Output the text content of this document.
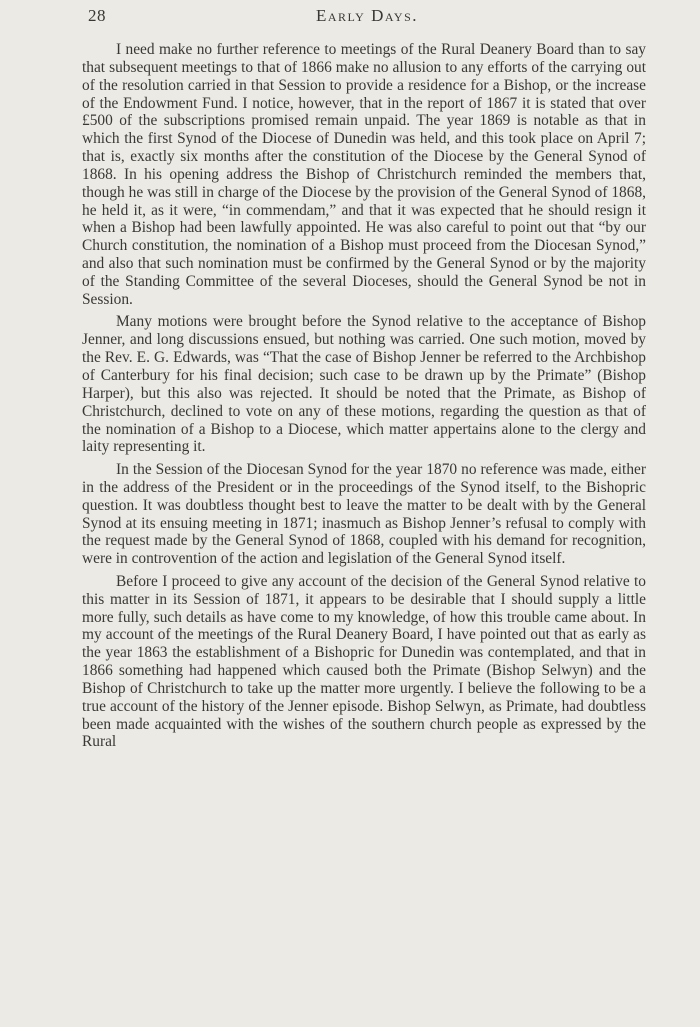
28	Early Days.

I need make no further reference to meetings of the Rural Deanery Board than to say that subsequent meetings to that of 1866 make no allusion to any efforts of the carrying out of the resolution carried in that Session to provide a residence for a Bishop, or the increase of the Endowment Fund. I notice, however, that in the report of 1867 it is stated that over £500 of the subscriptions promised remain unpaid. The year 1869 is notable as that in which the first Synod of the Diocese of Dunedin was held, and this took place on April 7; that is, exactly six months after the constitution of the Diocese by the General Synod of 1868. In his opening address the Bishop of Christchurch reminded the members that, though he was still in charge of the Diocese by the provision of the General Synod of 1868, he held it, as it were, “in commendam,” and that it was expected that he should resign it when a Bishop had been lawfully appointed. He was also careful to point out that “by our Church constitution, the nomination of a Bishop must proceed from the Diocesan Synod,” and also that such nomination must be confirmed by the General Synod or by the majority of the Standing Committee of the several Dioceses, should the General Synod be not in Session.

Many motions were brought before the Synod relative to the acceptance of Bishop Jenner, and long discussions ensued, but nothing was carried. One such motion, moved by the Rev. E. G. Edwards, was “That the case of Bishop Jenner be referred to the Archbishop of Canterbury for his final decision; such case to be drawn up by the Primate” (Bishop Harper), but this also was rejected. It should be noted that the Primate, as Bishop of Christchurch, declined to vote on any of these motions, regarding the question as that of the nomination of a Bishop to a Diocese, which matter appertains alone to the clergy and laity representing it.

In the Session of the Diocesan Synod for the year 1870 no reference was made, either in the address of the President or in the proceedings of the Synod itself, to the Bishopric question. It was doubtless thought best to leave the matter to be dealt with by the General Synod at its ensuing meeting in 1871; inasmuch as Bishop Jenner’s refusal to comply with the request made by the General Synod of 1868, coupled with his demand for recognition, were in controvention of the action and legislation of the General Synod itself.

Before I proceed to give any account of the decision of the General Synod relative to this matter in its Session of 1871, it appears to be desirable that I should supply a little more fully, such details as have come to my knowledge, of how this trouble came about. In my account of the meetings of the Rural Deanery Board, I have pointed out that as early as the year 1863 the establishment of a Bishopric for Dunedin was contemplated, and that in 1866 something had happened which caused both the Primate (Bishop Selwyn) and the Bishop of Christchurch to take up the matter more urgently. I believe the following to be a true account of the history of the Jenner episode. Bishop Selwyn, as Primate, had doubtless been made acquainted with the wishes of the southern church people as expressed by the Rural
